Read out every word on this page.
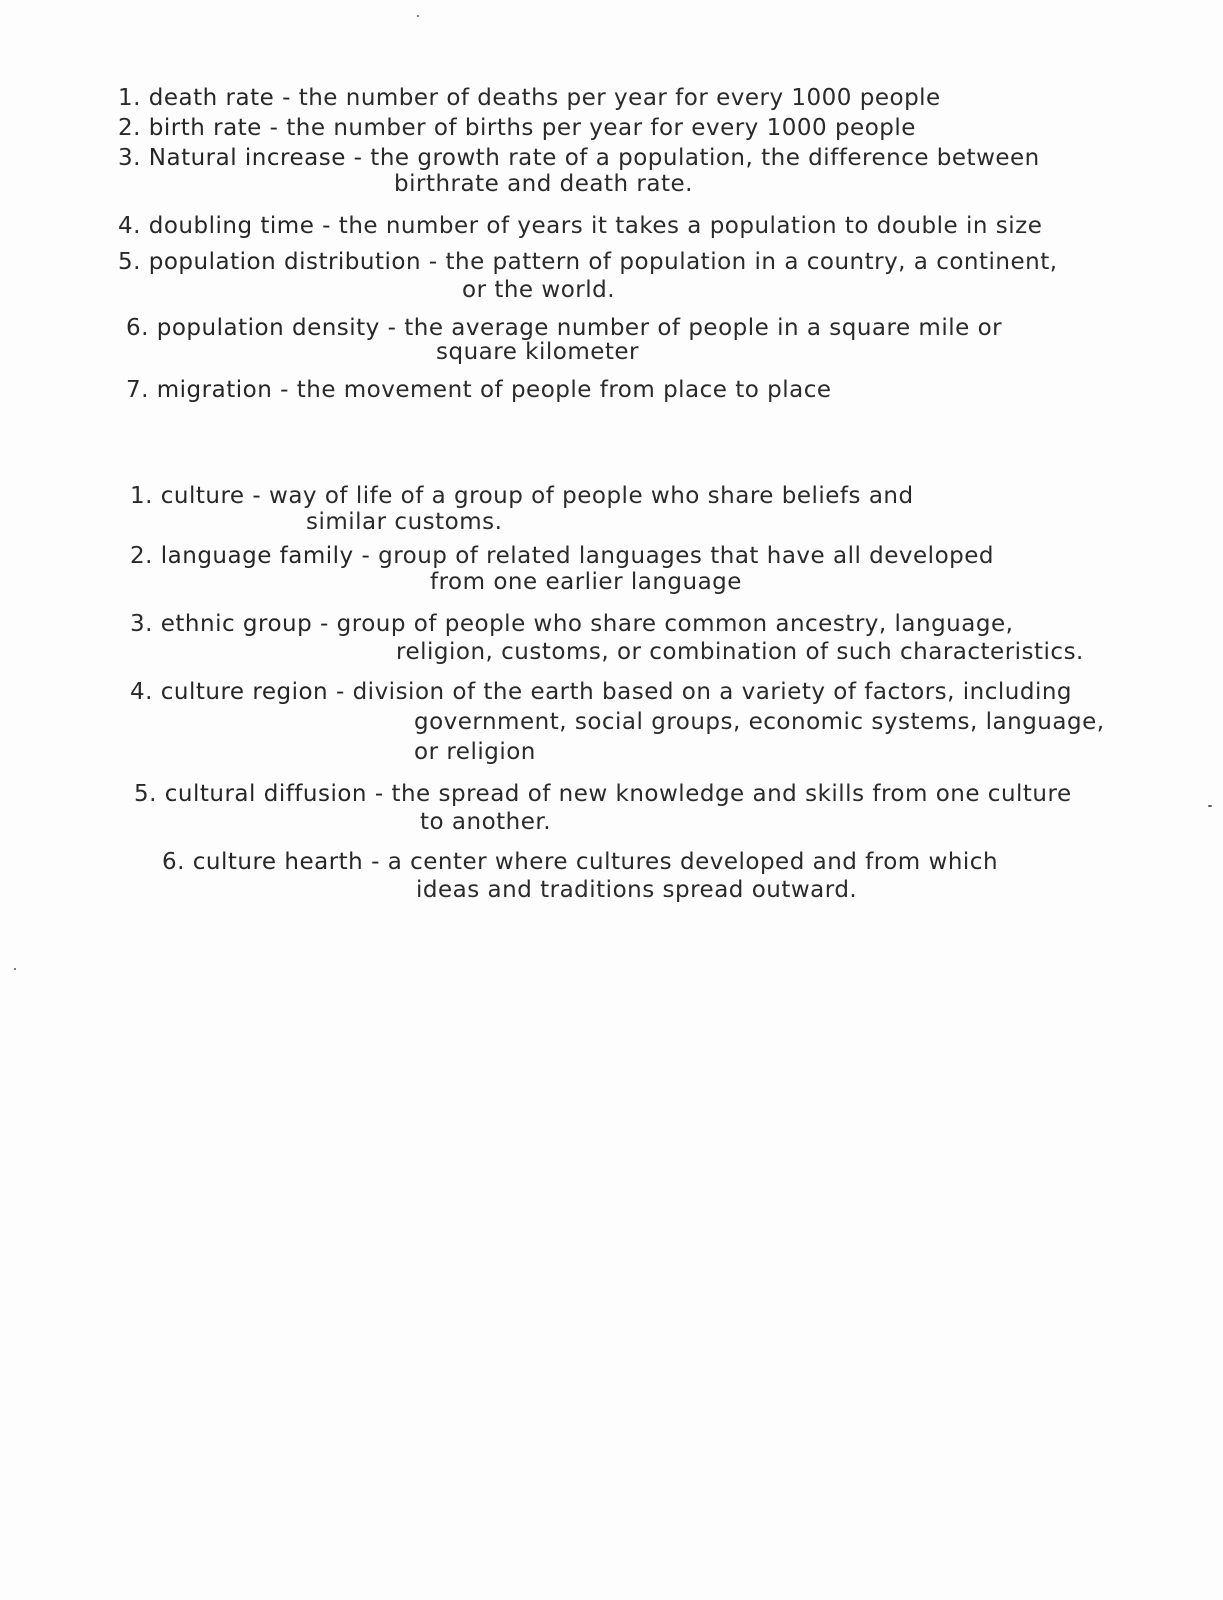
1. death rate - the number of deaths per year for every 1000 people
2. birth rate - the number of births per year for every 1000 people
3. Natural increase - the growth rate of a population, the difference between
birthrate and death rate.
4. doubling time - the number of years it takes a population to double in size
5. population distribution - the pattern of population in a country, a continent,
or the world.
6. population density - the average number of people in a square mile or
square kilometer
7. migration - the movement of people from place to place
1. culture - way of life of a group of people who share beliefs and
similar customs.
2. language family - group of related languages that have all developed
from one earlier language
3. ethnic group - group of people who share common ancestry, language,
religion, customs, or combination of such characteristics.
4. culture region - division of the earth based on a variety of factors, including
government, social groups, economic systems, language,
or religion
5. cultural diffusion - the spread of new knowledge and skills from one culture
to another.
6. culture hearth - a center where cultures developed and from which
ideas and traditions spread outward.
